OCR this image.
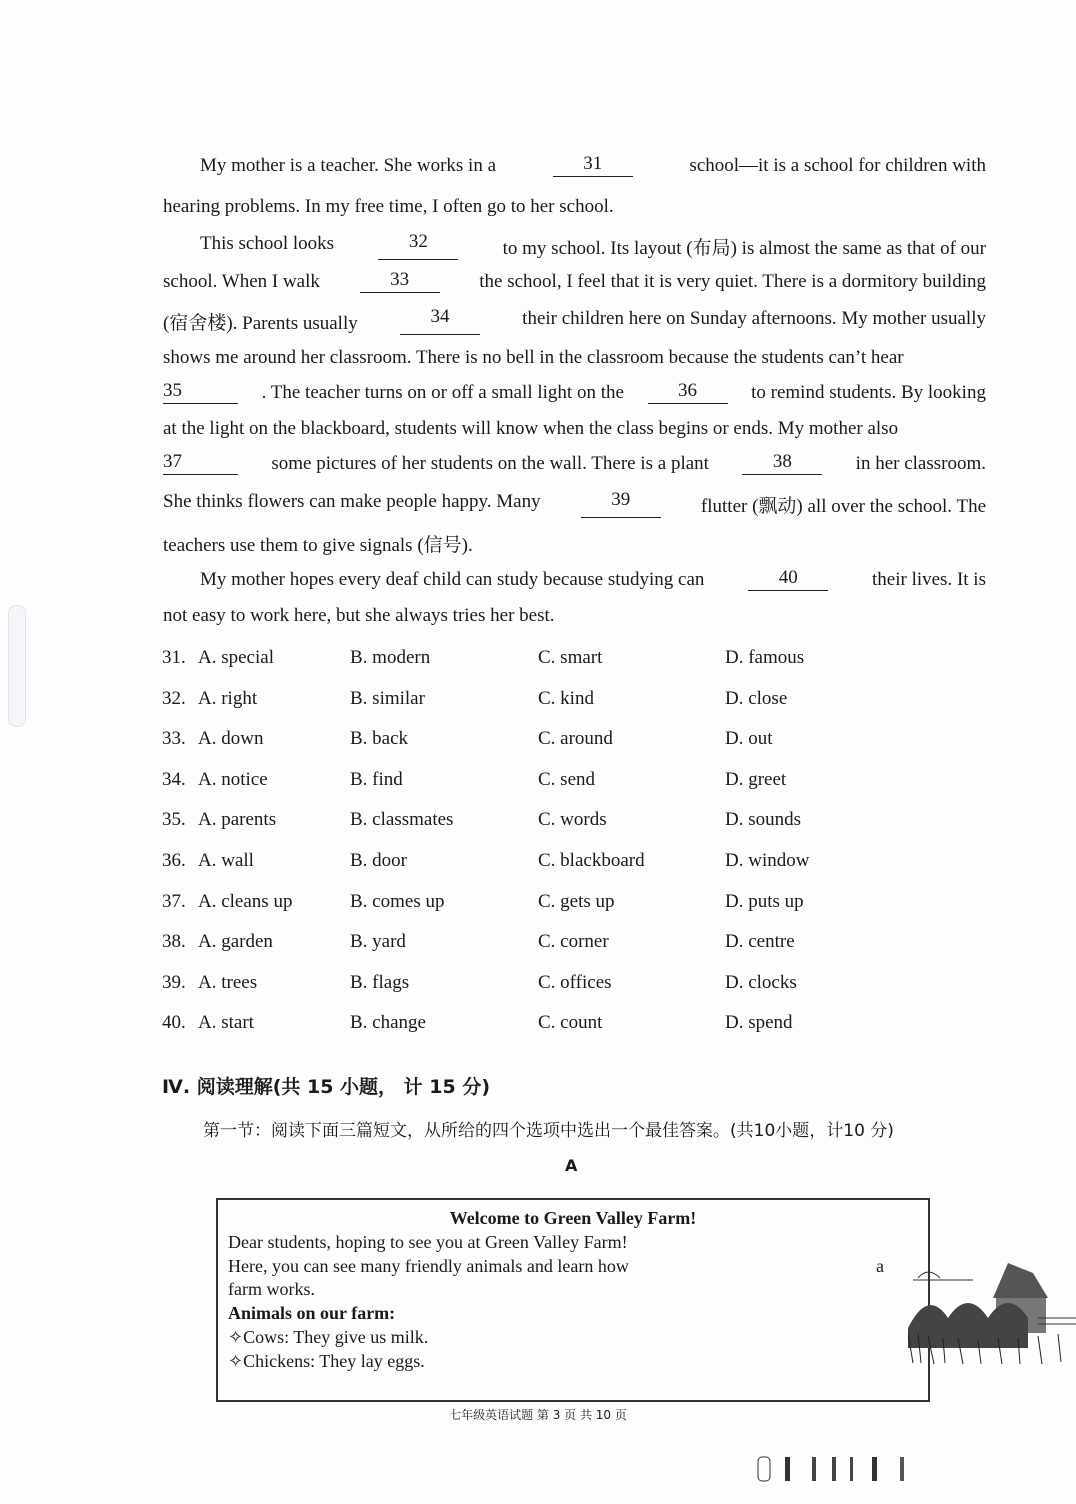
My mother is a teacher. She works in a	31	school—it is a school for children with
hearing problems. In my free time, I often go to her school.
This school looks	32	to my school. Its layout (布局) is almost the same as that of our
school. When I walk	33	the school, I feel that it is very quiet. There is a dormitory building
(宿舍楼). Parents usually	34	their children here on Sunday afternoons. My mother usually
shows me around her classroom. There is no bell in the classroom because the students can’t hear
35	. The teacher turns on or off a small light on the	36	to remind students. By looking
at the light on the blackboard, students will know when the class begins or ends. My mother also
37	some pictures of her students on the wall. There is a plant	38	in her classroom.
She thinks flowers can make people happy. Many	39	flutter (飘动) all over the school. The
teachers use them to give signals (信号).
My mother hopes every deaf child can study because studying can	40	their lives. It is
not easy to work here, but she always tries her best.
31. A. special	B. modern	C. smart	D. famous
32. A. right	B. similar	C. kind	D. close
33. A. down	B. back	C. around	D. out
34. A. notice	B. find	C. send	D. greet
35. A. parents	B. classmates	C. words	D. sounds
36. A. wall	B. door	C. blackboard	D. window
37. A. cleans up	B. comes up	C. gets up	D. puts up
38. A. garden	B. yard	C. corner	D. centre
39. A. trees	B. flags	C. offices	D. clocks
40. A. start	B. change	C. count	D. spend
Ⅳ. 阅读理解(共 15 小题， 计 15 分)
第一节：阅读下面三篇短文，从所给的四个选项中选出一个最佳答案。(共10小题，计10 分)
A
Welcome to Green Valley Farm!
Dear students, hoping to see you at Green Valley Farm!
Here, you can see many friendly animals and learn how
farm works.
a
Animals on our farm:
✧Cows: They give us milk.
✧Chickens: They lay eggs.
七年级英语试题 第 3 页 共 10 页
